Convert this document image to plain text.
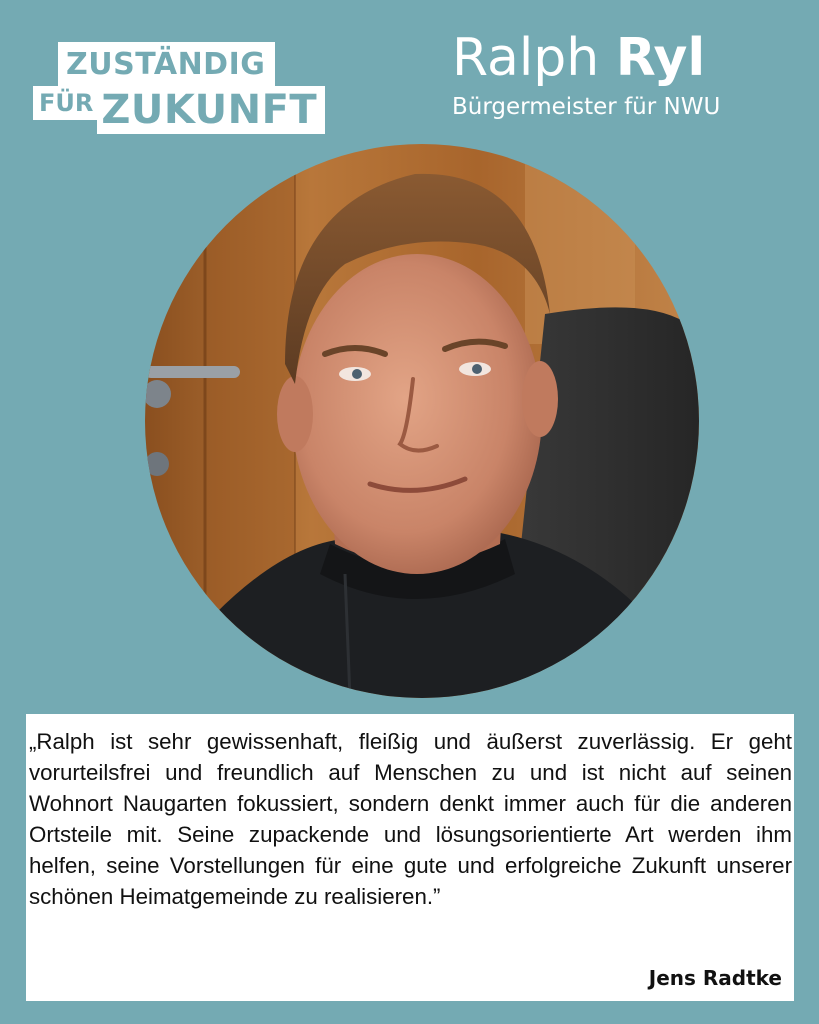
ZUSTÄNDIG
FÜR ZUKUNFT
Ralph Ryl
Bürgermeister für NWU

„Ralph ist sehr gewissenhaft, fleißig und äußerst zuverlässig. Er geht vorurteilsfrei und freundlich auf Menschen zu und ist nicht auf seinen Wohnort Naugarten fokussiert, sondern denkt immer auch für die anderen Ortsteile mit. Seine zupackende und lösungsorientierte Art werden ihm helfen, seine Vorstellungen für eine gute und erfolgreiche Zukunft unserer schönen Heimatgemeinde zu realisieren.”

Jens Radtke
